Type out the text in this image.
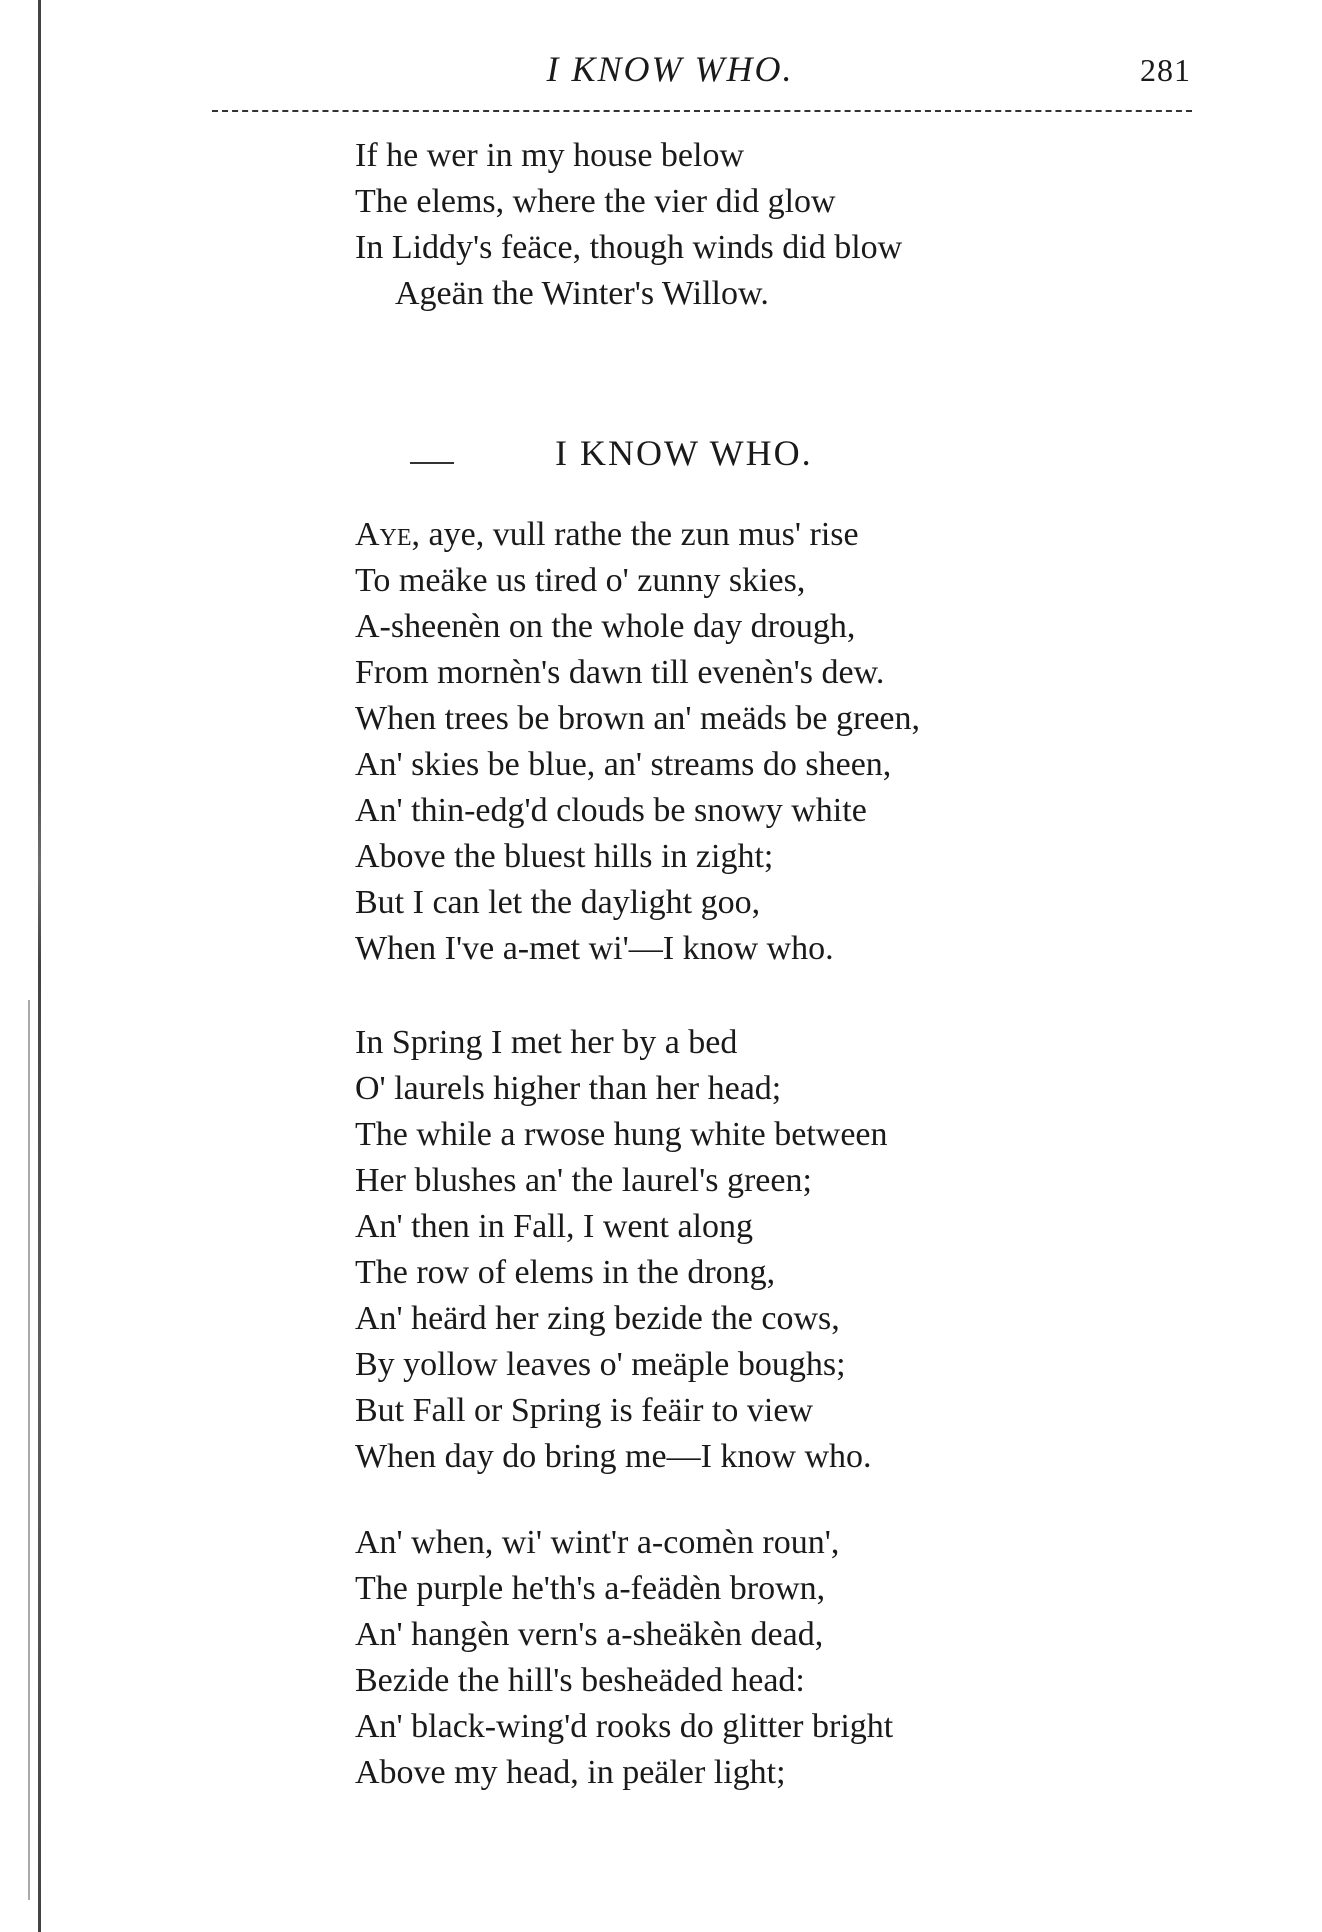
I KNOW WHO.	281
If he wer in my house below
The elems, where the vier did glow
In Liddy's feäce, though winds did blow
Ageän the Winter's Willow.
I KNOW WHO.
Aye, aye, vull rathe the zun mus' rise
To meäke us tired o' zunny skies,
A-sheenèn on the whole day drough,
From mornèn's dawn till evenèn's dew.
When trees be brown an' meäds be green,
An' skies be blue, an' streams do sheen,
An' thin-edg'd clouds be snowy white
Above the bluest hills in zight;
But I can let the daylight goo,
When I've a-met wi'—I know who.
In Spring I met her by a bed
O' laurels higher than her head;
The while a rwose hung white between
Her blushes an' the laurel's green;
An' then in Fall, I went along
The row of elems in the drong,
An' heärd her zing bezide the cows,
By yollow leaves o' meäple boughs;
But Fall or Spring is feäir to view
When day do bring me—I know who.
An' when, wi' wint'r a-comèn roun',
The purple he'th's a-feädèn brown,
An' hangèn vern's a-sheäkèn dead,
Bezide the hill's besheäded head:
An' black-wing'd rooks do glitter bright
Above my head, in peäler light;
